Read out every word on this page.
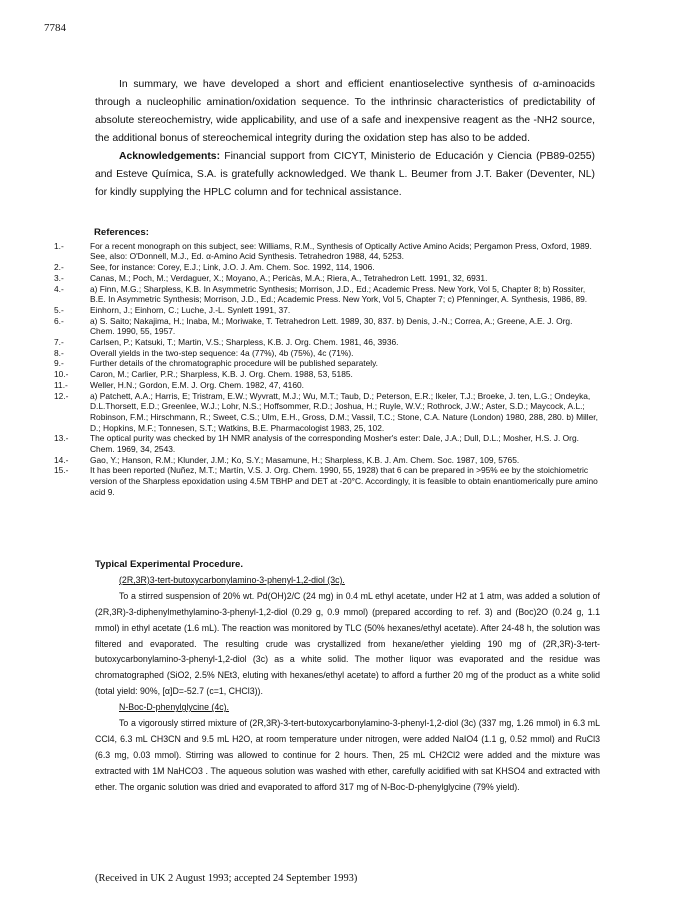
7784

In summary, we have developed a short and efficient enantioselective synthesis of α-aminoacids through a nucleophilic amination/oxidation sequence. To the inthrinsic characteristics of predictability of absolute stereochemistry, wide applicability, and use of a safe and inexpensive reagent as the -NH2 source, the additional bonus of stereochemical integrity during the oxidation step has also to be added.

Acknowledgements: Financial support from CICYT, Ministerio de Educación y Ciencia (PB89-0255) and Esteve Química, S.A. is gratefully acknowledged. We thank L. Beumer from J.T. Baker (Deventer, NL) for kindly supplying the HPLC column and for technical assistance.

References:
1.-	For a recent monograph on this subject, see: Williams, R.M., Synthesis of Optically Active Amino Acids; Pergamon Press, Oxford, 1989. See, also: O'Donnell, M.J., Ed. α-Amino Acid Synthesis. Tetrahedron 1988, 44, 5253.
2.-	See, for instance: Corey, E.J.; Link, J.O. J. Am. Chem. Soc. 1992, 114, 1906.
3.-	Canas, M.; Poch, M.; Verdaguer, X.; Moyano, A.; Pericàs, M.A.; Riera, A., Tetrahedron Lett. 1991, 32, 6931.
4.-	a) Finn, M.G.; Sharpless, K.B. In Asymmetric Synthesis; Morrison, J.D., Ed.; Academic Press. New York, Vol 5, Chapter 8; b) Rossiter, B.E. In Asymmetric Synthesis; Morrison, J.D., Ed.; Academic Press. New York, Vol 5, Chapter 7; c) Pfenninger, A. Synthesis, 1986, 89.
5.-	Einhorn, J.; Einhorn, C.; Luche, J.-L. Synlett 1991, 37.
6.-	a) S. Saito; Nakajima, H.; Inaba, M.; Moriwake, T. Tetrahedron Lett. 1989, 30, 837. b) Denis, J.-N.; Correa, A.; Greene, A.E. J. Org. Chem. 1990, 55, 1957.
7.-	Carlsen, P.; Katsuki, T.; Martin, V.S.; Sharpless, K.B. J. Org. Chem. 1981, 46, 3936.
8.-	Overall yields in the two-step sequence: 4a (77%), 4b (75%), 4c (71%).
9.-	Further details of the chromatographic procedure will be published separately.
10.-	Caron, M.; Carlier, P.R.; Sharpless, K.B. J. Org. Chem. 1988, 53, 5185.
11.-	Weller, H.N.; Gordon, E.M. J. Org. Chem. 1982, 47, 4160.
12.-	a) Patchett, A.A.; Harris, E; Tristram, E.W.; Wyvratt, M.J.; Wu, M.T.; Taub, D.; Peterson, E.R.; Ikeler, T.J.; Broeke, J. ten, L.G.; Ondeyka, D.L.Thorsett, E.D.; Greenlee, W.J.; Lohr, N.S.; Hoffsommer, R.D.; Joshua, H.; Ruyle, W.V.; Rothrock, J.W.; Aster, S.D.; Maycock, A.L.; Robinson, F.M.; Hirschmann, R.; Sweet, C.S.; Ulm, E.H., Gross, D.M.; Vassil, T.C.; Stone, C.A. Nature (London) 1980, 288, 280. b) Miller, D.; Hopkins, M.F.; Tonnesen, S.T.; Watkins, B.E. Pharmacologist 1983, 25, 102.
13.-	The optical purity was checked by 1H NMR analysis of the corresponding Mosher's ester: Dale, J.A.; Dull, D.L.; Mosher, H.S. J. Org. Chem. 1969, 34, 2543.
14.-	Gao, Y.; Hanson, R.M.; Klunder, J.M.; Ko, S.Y.; Masamune, H.; Sharpless, K.B. J. Am. Chem. Soc. 1987, 109, 5765.
15.-	It has been reported (Nuñez, M.T.; Martín, V.S. J. Org. Chem. 1990, 55, 1928) that 6 can be prepared in >95% ee by the stoichiometric version of the Sharpless epoxidation using 4.5M TBHP and DET at -20°C. Accordingly, it is feasible to obtain enantiomerically pure amino acid 9.

Typical Experimental Procedure.

(2R,3R)3-tert-butoxycarbonylamino-3-phenyl-1,2-diol (3c).

To a stirred suspension of 20% wt. Pd(OH)2/C (24 mg) in 0.4 mL ethyl acetate, under H2 at 1 atm, was added a solution of (2R,3R)-3-diphenylmethylamino-3-phenyl-1,2-diol (0.29 g, 0.9 mmol) (prepared according to ref. 3) and (Boc)2O (0.24 g, 1.1 mmol) in ethyl acetate (1.6 mL). The reaction was monitored by TLC (50% hexanes/ethyl acetate). After 24-48 h, the solution was filtered and evaporated. The resulting crude was crystallized from hexane/ether yielding 190 mg of (2R,3R)-3-tert-butoxycarbonylamino-3-phenyl-1,2-diol (3c) as a white solid. The mother liquor was evaporated and the residue was chromatographed (SiO2, 2.5% NEt3, eluting with hexanes/ethyl acetate) to afford a further 20 mg of the product as a white solid (total yield: 90%, [α]D=-52.7 (c=1, CHCl3)).

N-Boc-D-phenylglycine (4c).

To a vigorously stirred mixture of (2R,3R)-3-tert-butoxycarbonylamino-3-phenyl-1,2-diol (3c) (337 mg, 1.26 mmol) in 6.3 mL CCl4, 6.3 mL CH3CN and 9.5 mL H2O, at room temperature under nitrogen, were added NaIO4 (1.1 g, 0.52 mmol) and RuCl3 (6.3 mg, 0.03 mmol). Stirring was allowed to continue for 2 hours. Then, 25 mL CH2Cl2 were added and the mixture was extracted with 1M NaHCO3 . The aqueous solution was washed with ether, carefully acidified with sat KHSO4 and extracted with ether. The organic solution was dried and evaporated to afford 317 mg of N-Boc-D-phenylglycine (79% yield).

(Received in UK 2 August 1993; accepted 24 September 1993)
